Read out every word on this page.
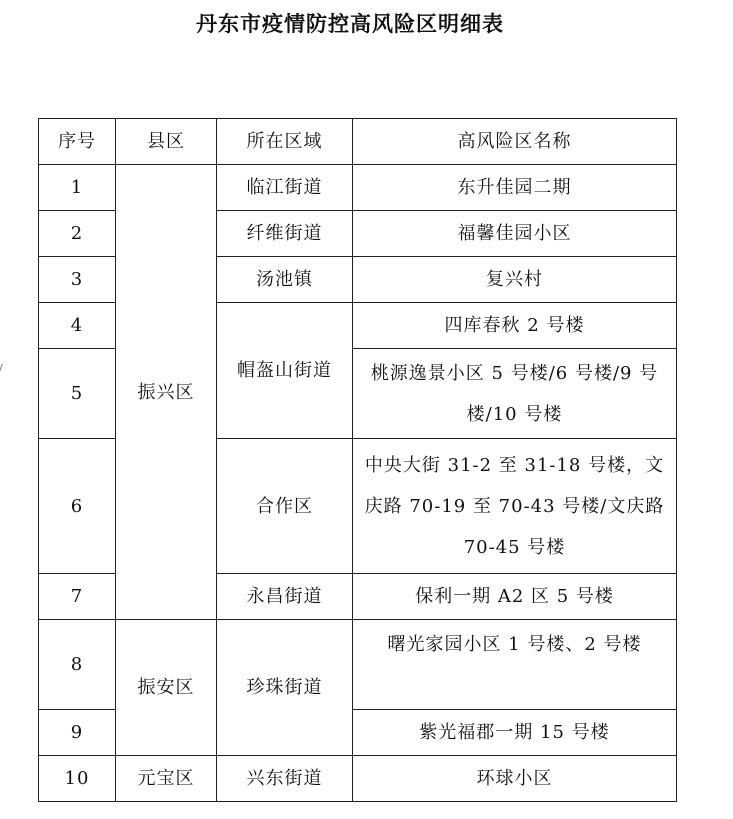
丹东市疫情防控高风险区明细表
序号	县区	所在区域	高风险区名称
1	振兴区	临江街道	东升佳园二期
2		纤维街道	福馨佳园小区
3		汤池镇	复兴村
4		帽盔山街道	四库春秋 2 号楼
5			桃源逸景小区 5 号楼/6 号楼/9 号楼/10 号楼
6		合作区	中央大街 31-2 至 31-18 号楼，文庆路 70-19 至 70-43 号楼/文庆路 70-45 号楼
7		永昌街道	保利一期 A2 区 5 号楼
8	振安区	珍珠街道	曙光家园小区 1 号楼、2 号楼
9			紫光福郡一期 15 号楼
10	元宝区	兴东街道	环球小区
